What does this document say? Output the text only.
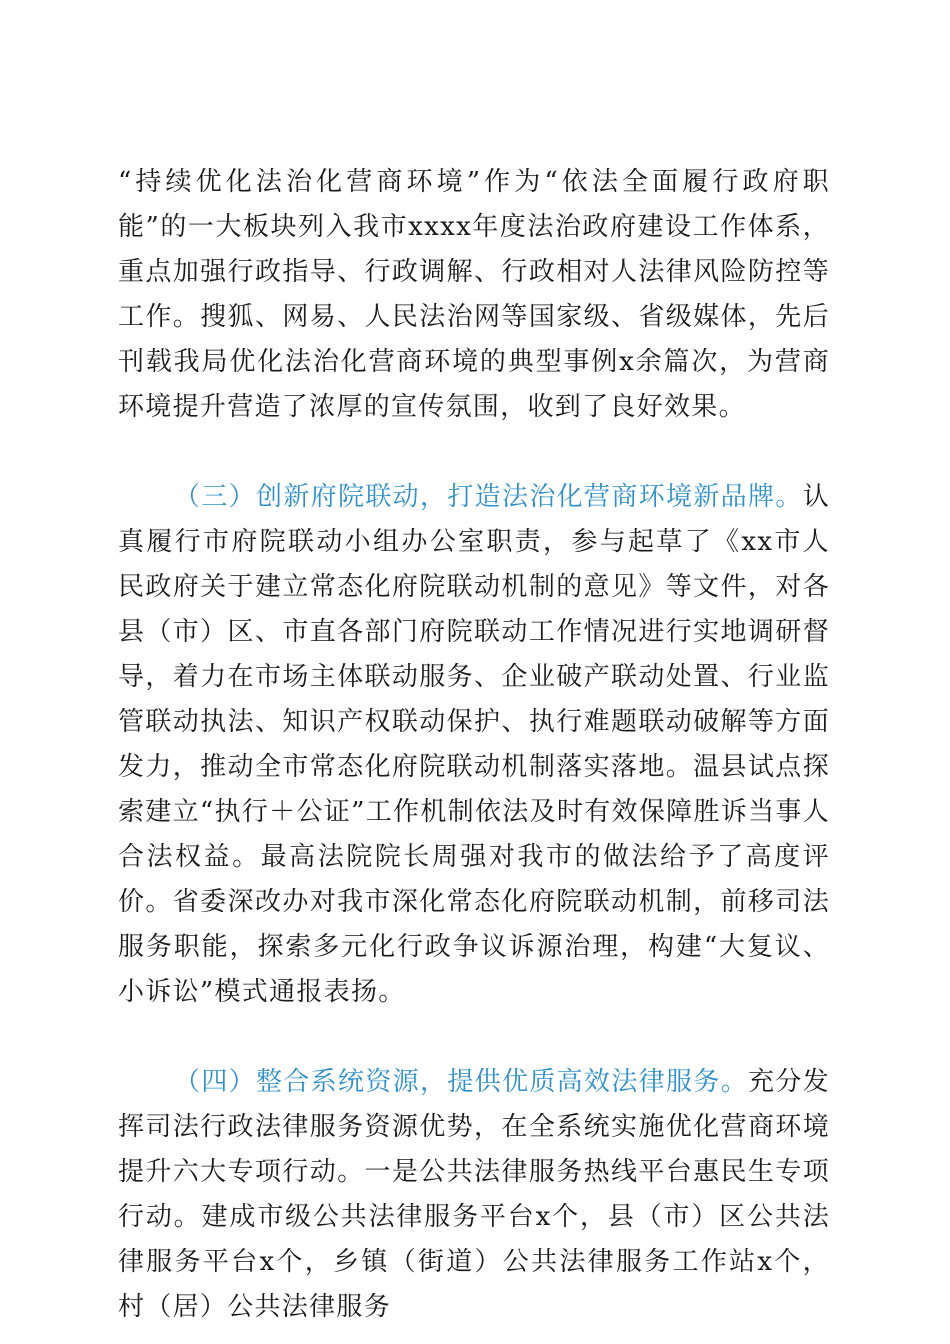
“持续优化法治化营商环境”作为“依法全面履行政府职能”的一大板块列入我市xxxx年度法治政府建设工作体系，重点加强行政指导、行政调解、行政相对人法律风险防控等工作。搜狐、网易、人民法治网等国家级、省级媒体，先后刊载我局优化法治化营商环境的典型事例x余篇次，为营商环境提升营造了浓厚的宣传氛围，收到了良好效果。

（三）创新府院联动，打造法治化营商环境新品牌。认真履行市府院联动小组办公室职责，参与起草了《xx市人民政府关于建立常态化府院联动机制的意见》等文件，对各县（市）区、市直各部门府院联动工作情况进行实地调研督导，着力在市场主体联动服务、企业破产联动处置、行业监管联动执法、知识产权联动保护、执行难题联动破解等方面发力，推动全市常态化府院联动机制落实落地。温县试点探索建立“执行＋公证”工作机制依法及时有效保障胜诉当事人合法权益。最高法院院长周强对我市的做法给予了高度评价。省委深改办对我市深化常态化府院联动机制，前移司法服务职能，探索多元化行政争议诉源治理，构建“大复议、小诉讼”模式通报表扬。

（四）整合系统资源，提供优质高效法律服务。充分发挥司法行政法律服务资源优势，在全系统实施优化营商环境提升六大专项行动。一是公共法律服务热线平台惠民生专项行动。建成市级公共法律服务平台x个，县（市）区公共法律服务平台x个，乡镇（街道）公共法律服务工作站x个，村（居）公共法律服务
